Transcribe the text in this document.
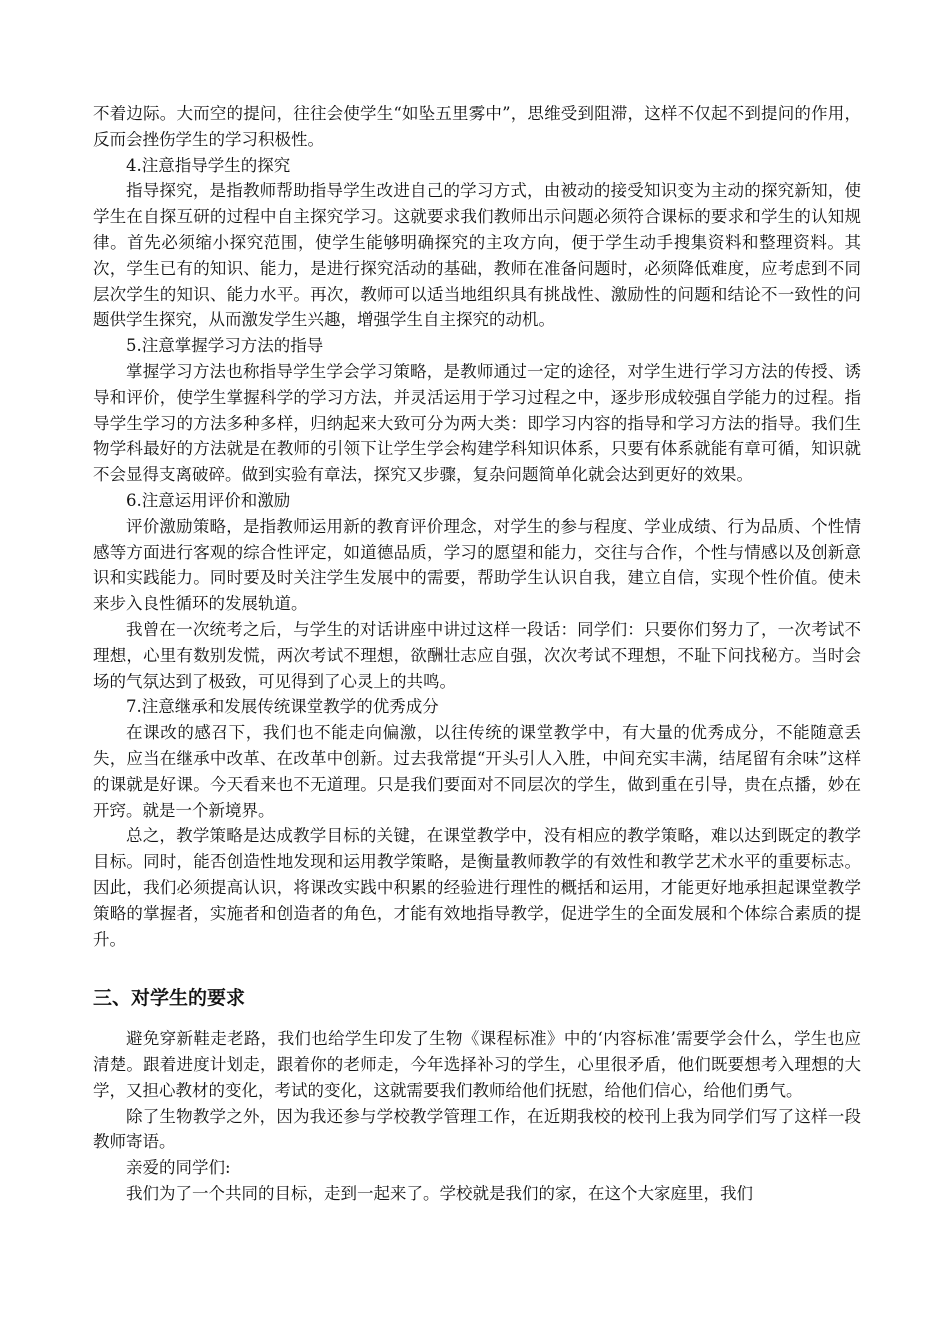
不着边际。大而空的提问，往往会使学生“如坠五里雾中”，思维受到阻滞，这样不仅起不到提问的作用，反而会挫伤学生的学习积极性。

4.注意指导学生的探究

指导探究，是指教师帮助指导学生改进自己的学习方式，由被动的接受知识变为主动的探究新知，使学生在自探互研的过程中自主探究学习。这就要求我们教师出示问题必须符合课标的要求和学生的认知规律。首先必须缩小探究范围，使学生能够明确探究的主攻方向，便于学生动手搜集资料和整理资料。其次，学生已有的知识、能力，是进行探究活动的基础，教师在准备问题时，必须降低难度，应考虑到不同层次学生的知识、能力水平。再次，教师可以适当地组织具有挑战性、激励性的问题和结论不一致性的问题供学生探究，从而激发学生兴趣，增强学生自主探究的动机。

5.注意掌握学习方法的指导

掌握学习方法也称指导学生学会学习策略，是教师通过一定的途径，对学生进行学习方法的传授、诱导和评价，使学生掌握科学的学习方法，并灵活运用于学习过程之中，逐步形成较强自学能力的过程。指导学生学习的方法多种多样，归纳起来大致可分为两大类：即学习内容的指导和学习方法的指导。我们生物学科最好的方法就是在教师的引领下让学生学会构建学科知识体系，只要有体系就能有章可循，知识就不会显得支离破碎。做到实验有章法，探究又步骤，复杂问题简单化就会达到更好的效果。

6.注意运用评价和激励

评价激励策略，是指教师运用新的教育评价理念，对学生的参与程度、学业成绩、行为品质、个性情感等方面进行客观的综合性评定，如道德品质，学习的愿望和能力，交往与合作，个性与情感以及创新意识和实践能力。同时要及时关注学生发展中的需要，帮助学生认识自我，建立自信，实现个性价值。使未来步入良性循环的发展轨道。

我曾在一次统考之后，与学生的对话讲座中讲过这样一段话：同学们：只要你们努力了，一次考试不理想，心里有数别发慌，两次考试不理想，欲酬壮志应自强，次次考试不理想，不耻下问找秘方。当时会场的气氛达到了极致，可见得到了心灵上的共鸣。

7.注意继承和发展传统课堂教学的优秀成分

在课改的感召下，我们也不能走向偏激，以往传统的课堂教学中，有大量的优秀成分，不能随意丢失，应当在继承中改革、在改革中创新。过去我常提“开头引人入胜，中间充实丰满，结尾留有余味”这样的课就是好课。今天看来也不无道理。只是我们要面对不同层次的学生，做到重在引导，贵在点播，妙在开窍。就是一个新境界。

总之，教学策略是达成教学目标的关键，在课堂教学中，没有相应的教学策略，难以达到既定的教学目标。同时，能否创造性地发现和运用教学策略，是衡量教师教学的有效性和教学艺术水平的重要标志。因此，我们必须提高认识，将课改实践中积累的经验进行理性的概括和运用，才能更好地承担起课堂教学策略的掌握者，实施者和创造者的角色，才能有效地指导教学，促进学生的全面发展和个体综合素质的提升。

三、对学生的要求

避免穿新鞋走老路，我们也给学生印发了生物《课程标准》中的‘内容标准’需要学会什么，学生也应清楚。跟着进度计划走，跟着你的老师走，今年选择补习的学生，心里很矛盾，他们既要想考入理想的大学，又担心教材的变化，考试的变化，这就需要我们教师给他们抚慰，给他们信心，给他们勇气。

除了生物教学之外，因为我还参与学校教学管理工作，在近期我校的校刊上我为同学们写了这样一段教师寄语。

亲爱的同学们:

我们为了一个共同的目标，走到一起来了。学校就是我们的家，在这个大家庭里，我们
